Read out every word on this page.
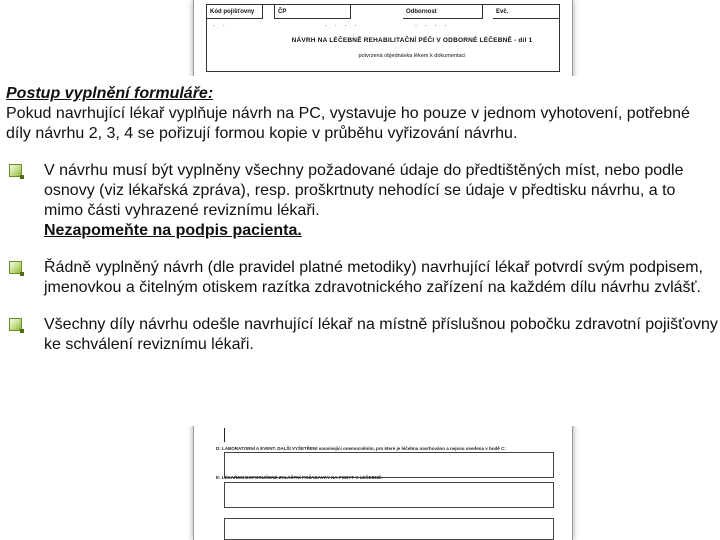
Kód pojišťovny	ČP	Odbornost	Evč.
. .	. . . .	. . . .
NÁVRH NA LÉČEBNĚ REHABILITAČNÍ PÉČI V ODBORNÉ LÉČEBNĚ - díl 1
potvrzená objednávka lékem k dokumentaci
D: LABORATORNÍ A EVENT. DALŠÍ VYŠETŘENÍ související onemocněním, pro které je léčebna navrhováno a nejsou uvedena v bodě C:
E: LÉKAŘEM DOPORUČENÉ ZVLÁŠTNÍ POŽADAVKY NA POBYT V LÉČEBNĚ:
Postup vyplnění formuláře:
Pokud navrhující lékař vyplňuje návrh na PC, vystavuje ho pouze v jednom vyhotovení, potřebné díly návrhu 2, 3, 4 se pořizují formou kopie v průběhu vyřizování návrhu.
V návrhu musí být vyplněny všechny požadované údaje do předtištěných míst, nebo podle osnovy (viz lékařská zpráva), resp. proškrtnuty nehodící se údaje v předtisku návrhu, a to mimo části vyhrazené reviznímu lékaři.
Nezapomeňte na podpis pacienta.
Řádně vyplněný návrh (dle pravidel platné metodiky) navrhující lékař potvrdí svým podpisem, jmenovkou a čitelným otiskem razítka zdravotnického zařízení na každém dílu návrhu zvlášť.
Všechny díly návrhu odešle navrhující lékař na místně příslušnou pobočku zdravotní pojišťovny ke schválení reviznímu lékaři.
